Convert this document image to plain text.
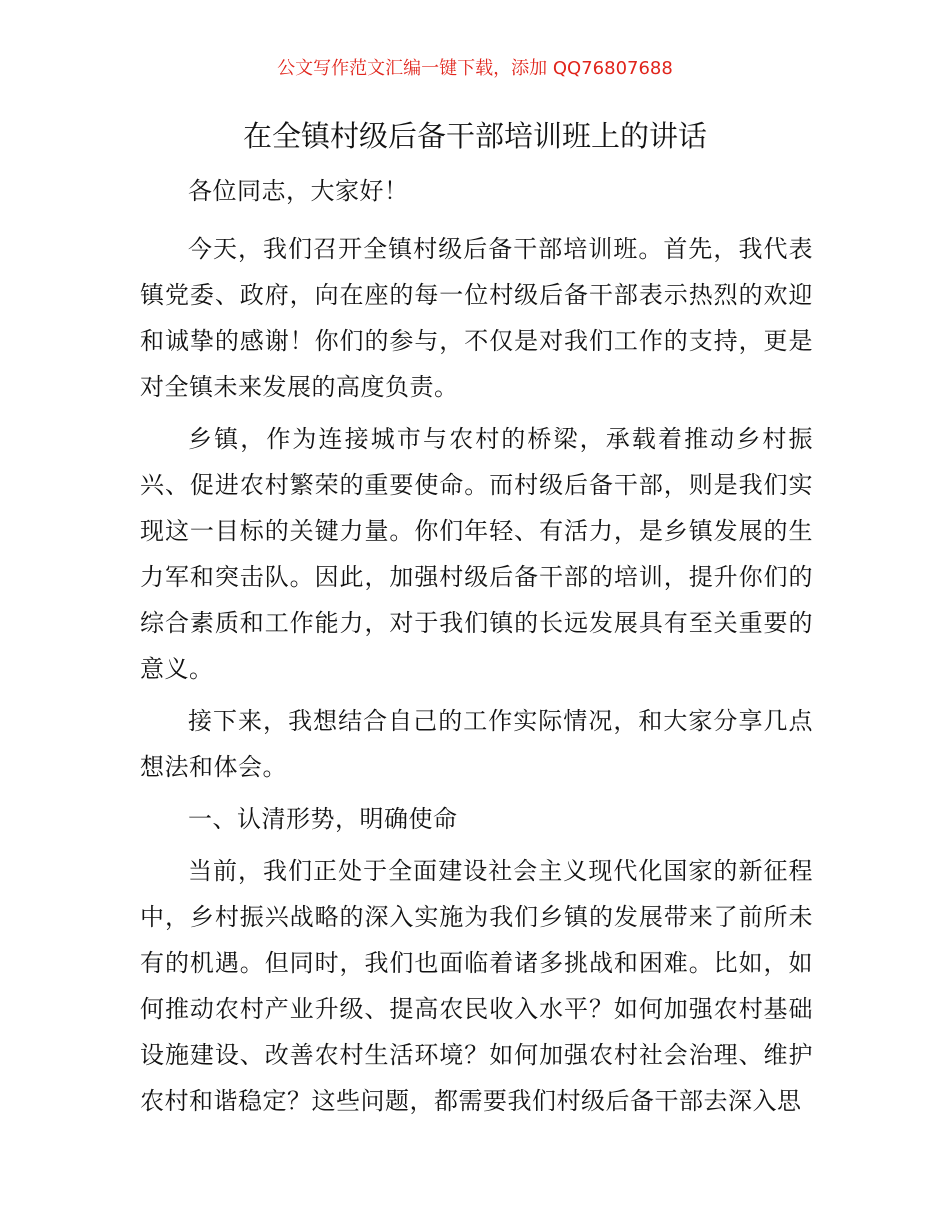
公文写作范文汇编一键下载，添加 QQ76807688
在全镇村级后备干部培训班上的讲话

各位同志，大家好！

今天，我们召开全镇村级后备干部培训班。首先，我代表镇党委、政府，向在座的每一位村级后备干部表示热烈的欢迎和诚挚的感谢！你们的参与，不仅是对我们工作的支持，更是对全镇未来发展的高度负责。

乡镇，作为连接城市与农村的桥梁，承载着推动乡村振兴、促进农村繁荣的重要使命。而村级后备干部，则是我们实现这一目标的关键力量。你们年轻、有活力，是乡镇发展的生力军和突击队。因此，加强村级后备干部的培训，提升你们的综合素质和工作能力，对于我们镇的长远发展具有至关重要的意义。

接下来，我想结合自己的工作实际情况，和大家分享几点想法和体会。

一、认清形势，明确使命

当前，我们正处于全面建设社会主义现代化国家的新征程中，乡村振兴战略的深入实施为我们乡镇的发展带来了前所未有的机遇。但同时，我们也面临着诸多挑战和困难。比如，如何推动农村产业升级、提高农民收入水平？如何加强农村基础设施建设、改善农村生活环境？如何加强农村社会治理、维护农村和谐稳定？这些问题，都需要我们村级后备干部去深入思
